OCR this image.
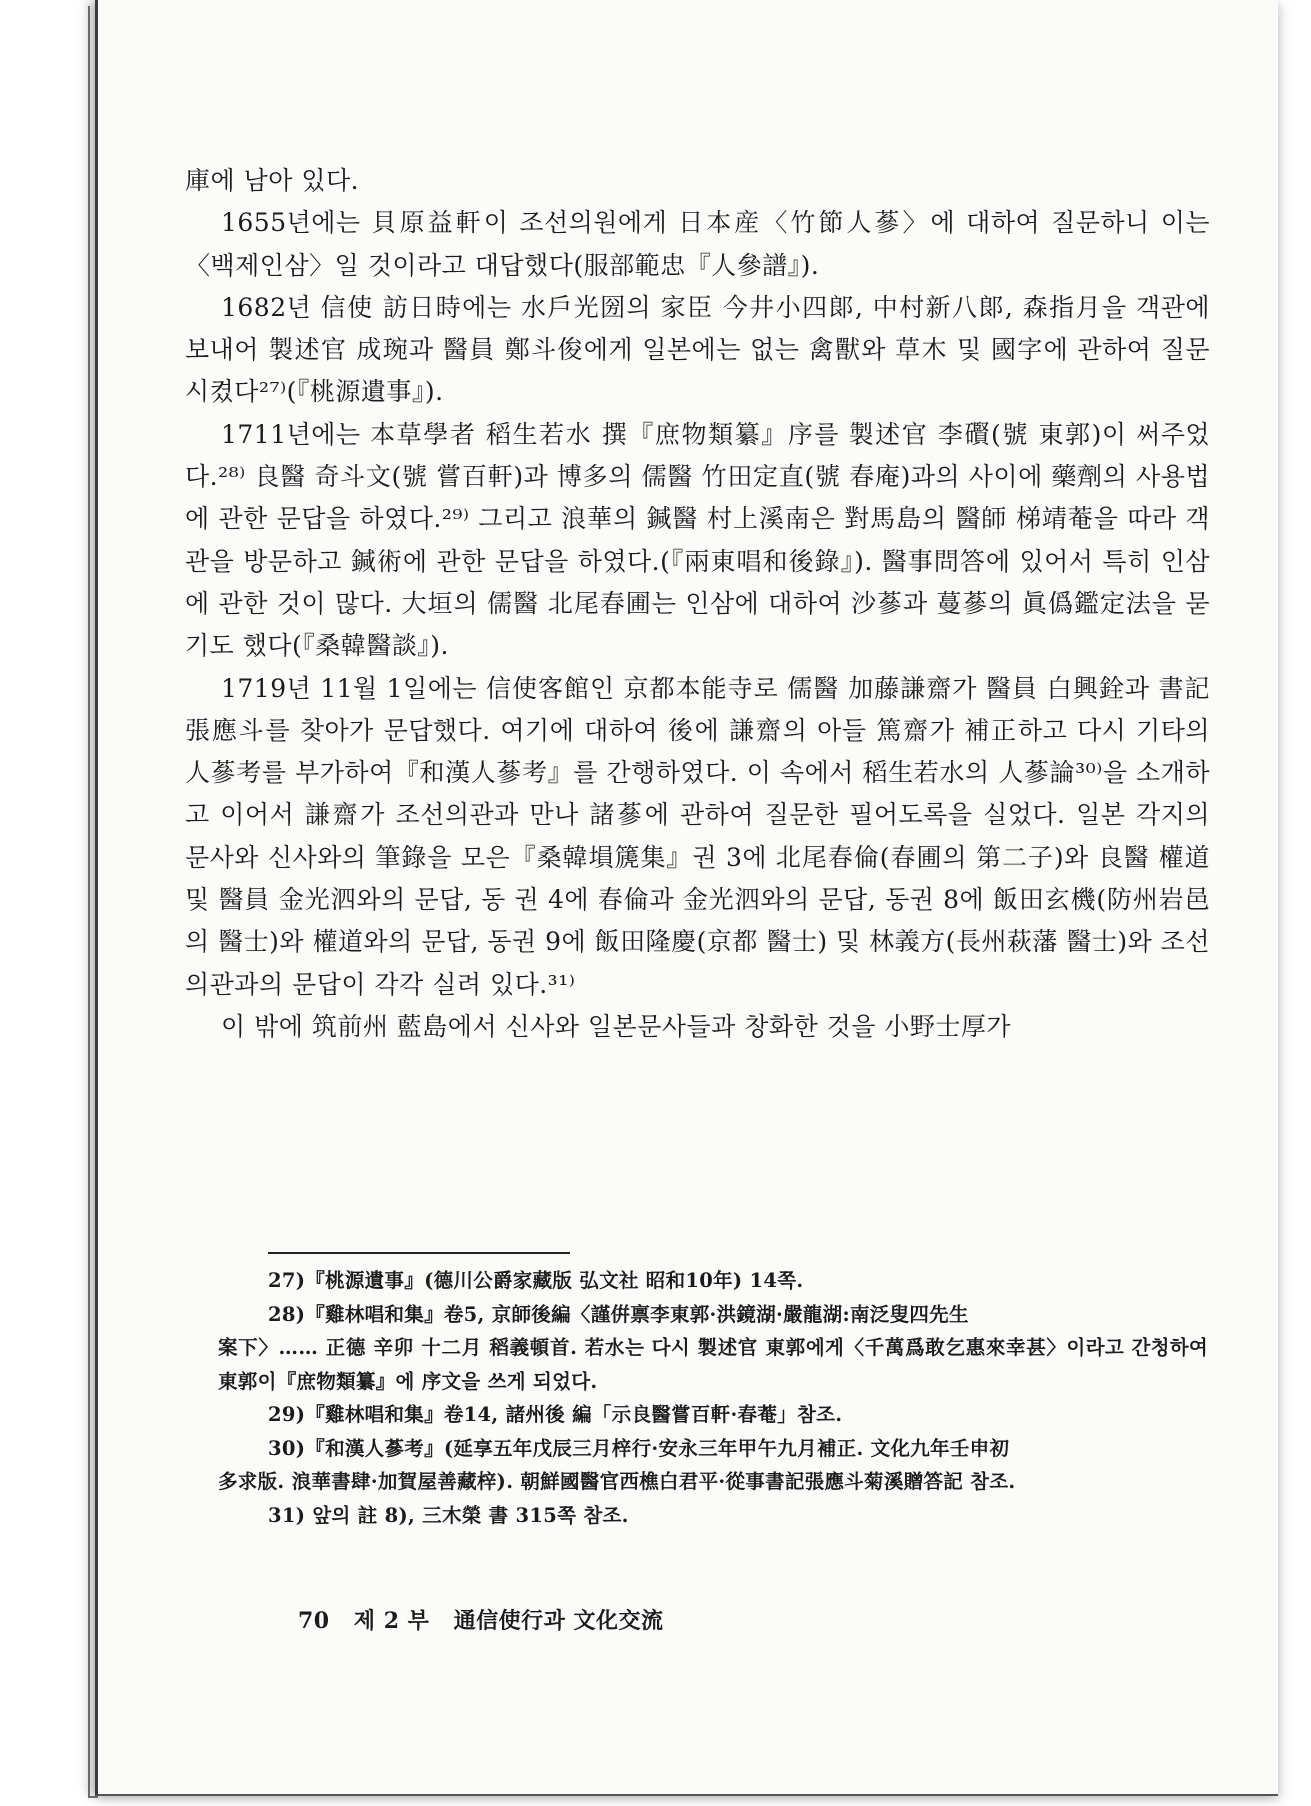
庫에 남아 있다.

1655년에는 貝原益軒이 조선의원에게 日本産〈竹節人蔘〉에 대하여 질문하니 이는〈백제인삼〉일 것이라고 대답했다(服部範忠『人參譜』).

1682년 信使 訪日時에는 水戶光圀의 家臣 今井小四郞, 中村新八郞, 森指月을 객관에 보내어 製述官 成琬과 醫員 鄭斗俊에게 일본에는 없는 禽獸와 草木 및 國字에 관하여 질문시켰다²⁷⁾(『桃源遺事』).

1711년에는 本草學者 稻生若水 撰『庶物類纂』序를 製述官 李礥(號 東郭)이 써주었다.²⁸⁾ 良醫 奇斗文(號 嘗百軒)과 博多의 儒醫 竹田定直(號 春庵)과의 사이에 藥劑의 사용법에 관한 문답을 하였다.²⁹⁾ 그리고 浪華의 鍼醫 村上溪南은 對馬島의 醫師 梯靖菴을 따라 객관을 방문하고 鍼術에 관한 문답을 하였다.(『兩東唱和後錄』). 醫事問答에 있어서 특히 인삼에 관한 것이 많다. 大垣의 儒醫 北尾春圃는 인삼에 대하여 沙蔘과 蔓蔘의 眞僞鑑定法을 묻기도 했다(『桑韓醫談』).

1719년 11월 1일에는 信使客館인 京都本能寺로 儒醫 加藤謙齋가 醫員 白興銓과 書記 張應斗를 찾아가 문답했다. 여기에 대하여 後에 謙齋의 아들 篤齋가 補正하고 다시 기타의 人蔘考를 부가하여『和漢人蔘考』를 간행하였다. 이 속에서 稻生若水의 人蔘論³⁰⁾을 소개하고 이어서 謙齋가 조선의관과 만나 諸蔘에 관하여 질문한 필어도록을 실었다. 일본 각지의 문사와 신사와의 筆錄을 모은『桑韓塤篪集』권 3에 北尾春倫(春圃의 第二子)와 良醫 權道 및 醫員 金光泗와의 문답, 동 권 4에 春倫과 金光泗와의 문답, 동권 8에 飯田玄機(防州岩邑의 醫士)와 權道와의 문답, 동권 9에 飯田隆慶(京都 醫士) 및 林義方(長州萩藩 醫士)와 조선 의관과의 문답이 각각 실려 있다.³¹⁾

이 밖에 筑前州 藍島에서 신사와 일본문사들과 창화한 것을 小野士厚가

27)『桃源遺事』(德川公爵家藏版 弘文社 昭和10年) 14쪽.

28)『雞林唱和集』卷5, 京師後編〈謹倂禀李東郭·洪鏡湖·嚴龍湖:南泛叟四先生

案下〉…… 正德 辛卯 十二月 稻義頓首. 若水는 다시 製述官 東郭에게〈千萬爲敢乞惠來幸甚〉이라고 간청하여 東郭이『庶物類纂』에 序文을 쓰게 되었다.

29)『雞林唱和集』卷14, 諸州後 編「示良醫嘗百軒·春菴」참조.

30)『和漢人蔘考』(延享五年戊辰三月梓行·安永三年甲午九月補正. 文化九年壬申初

多求版. 浪華書肆·加賀屋善藏梓). 朝鮮國醫官西樵白君平·從事書記張應斗菊溪贈答記 참조.

31) 앞의 註 8), 三木榮 書 315쪽 참조.

70 제 2 부 通信使行과 文化交流
